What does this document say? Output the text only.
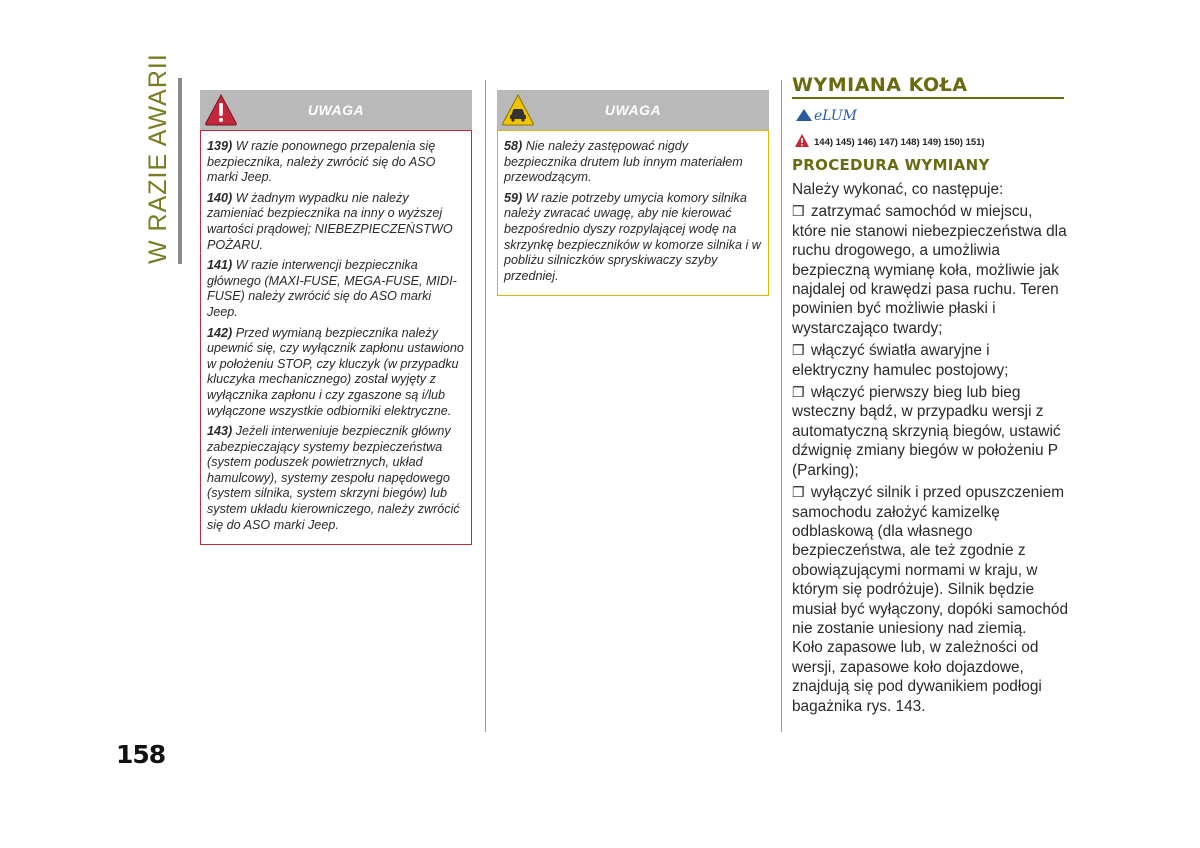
W RAZIE AWARII
158
UWAGA

139) W razie ponownego przepalenia się bezpiecznika, należy zwrócić się do ASO marki Jeep.

140) W żadnym wypadku nie należy zamieniać bezpiecznika na inny o wyższej wartości prądowej; NIEBEZPIECZEŃSTWO POŻARU.

141) W razie interwencji bezpiecznika głównego (MAXI-FUSE, MEGA-FUSE, MIDI-FUSE) należy zwrócić się do ASO marki Jeep.

142) Przed wymianą bezpiecznika należy upewnić się, czy wyłącznik zapłonu ustawiono w położeniu STOP, czy kluczyk (w przypadku kluczyka mechanicznego) został wyjęty z wyłącznika zapłonu i czy zgaszone są i/lub wyłączone wszystkie odbiorniki elektryczne.

143) Jeżeli interweniuje bezpiecznik główny zabezpieczający systemy bezpieczeństwa (system poduszek powietrznych, układ hamulcowy), systemy zespołu napędowego (system silnika, system skrzyni biegów) lub system układu kierowniczego, należy zwrócić się do ASO marki Jeep.

UWAGA

58) Nie należy zastępować nigdy bezpiecznika drutem lub innym materiałem przewodzącym.

59) W razie potrzeby umycia komory silnika należy zwracać uwagę, aby nie kierować bezpośrednio dyszy rozpylającej wodę na skrzynkę bezpieczników w komorze silnika i w pobliżu silniczków spryskiwaczy szyby przedniej.

WYMIANA KOŁA
eLUM
144) 145) 146) 147) 148) 149) 150) 151)
PROCEDURA WYMIANY

Należy wykonać, co następuje:

❒ zatrzymać samochód w miejscu, które nie stanowi niebezpieczeństwa dla ruchu drogowego, a umożliwia bezpieczną wymianę koła, możliwie jak najdalej od krawędzi pasa ruchu. Teren powinien być możliwie płaski i wystarczająco twardy;

❒ włączyć światła awaryjne i elektryczny hamulec postojowy;

❒ włączyć pierwszy bieg lub bieg wsteczny bądź, w przypadku wersji z automatyczną skrzynią biegów, ustawić dźwignię zmiany biegów w położeniu P (Parking);

❒ wyłączyć silnik i przed opuszczeniem samochodu założyć kamizelkę odblaskową (dla własnego bezpieczeństwa, ale też zgodnie z obowiązującymi normami w kraju, w którym się podróżuje). Silnik będzie musiał być wyłączony, dopóki samochód nie zostanie uniesiony nad ziemią.

Koło zapasowe lub, w zależności od wersji, zapasowe koło dojazdowe, znajdują się pod dywanikiem podłogi bagażnika rys. 143.
